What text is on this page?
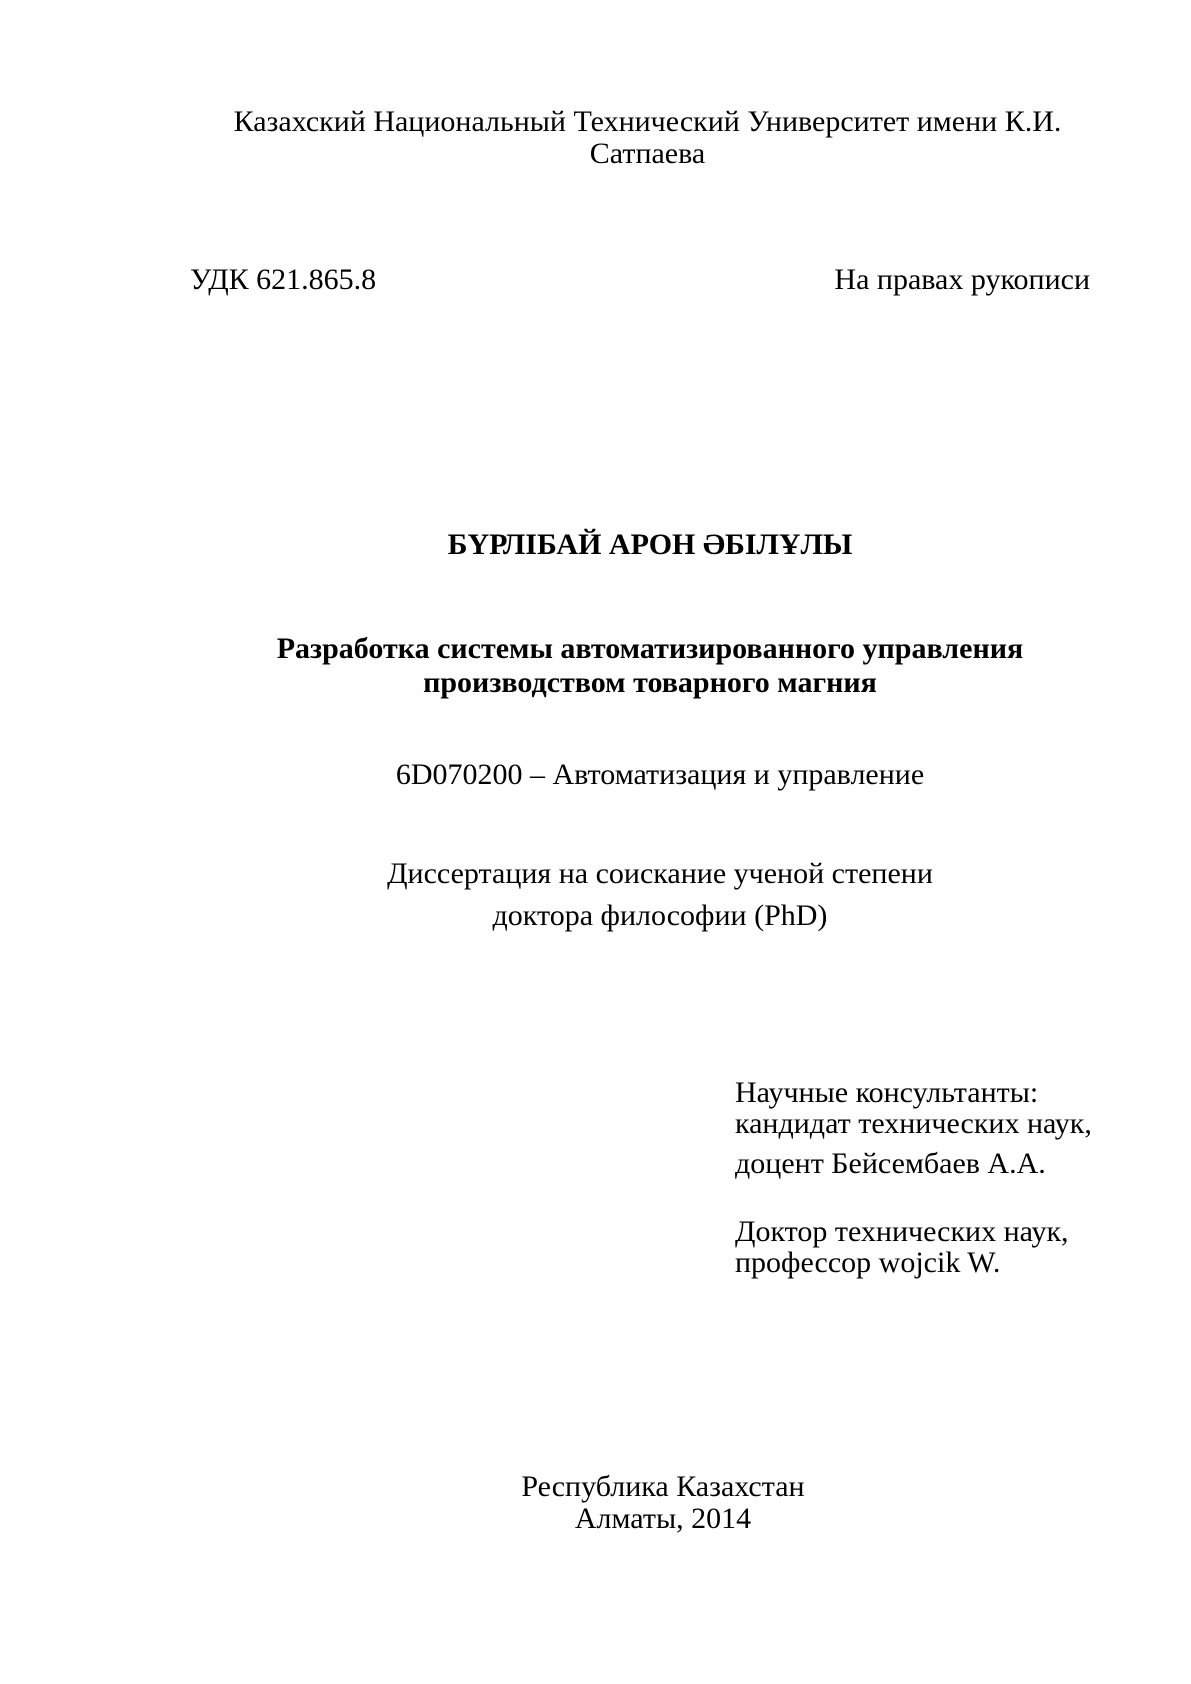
Казахский Национальный Технический Университет имени К.И. Сатпаева
УДК 621.865.8	На правах рукописи
БҮРЛІБАЙ АРОН ӘБІЛҰЛЫ
Разработка системы автоматизированного управления
производством товарного магния
6D070200 – Автоматизация и управление
Диссертация на соискание ученой степени
доктора философии (PhD)
Научные консультанты:
кандидат технических наук,
доцент Бейсембаев А.А.
Доктор технических наук,
профессор wojcik W.
Республика Казахстан
Алматы, 2014
